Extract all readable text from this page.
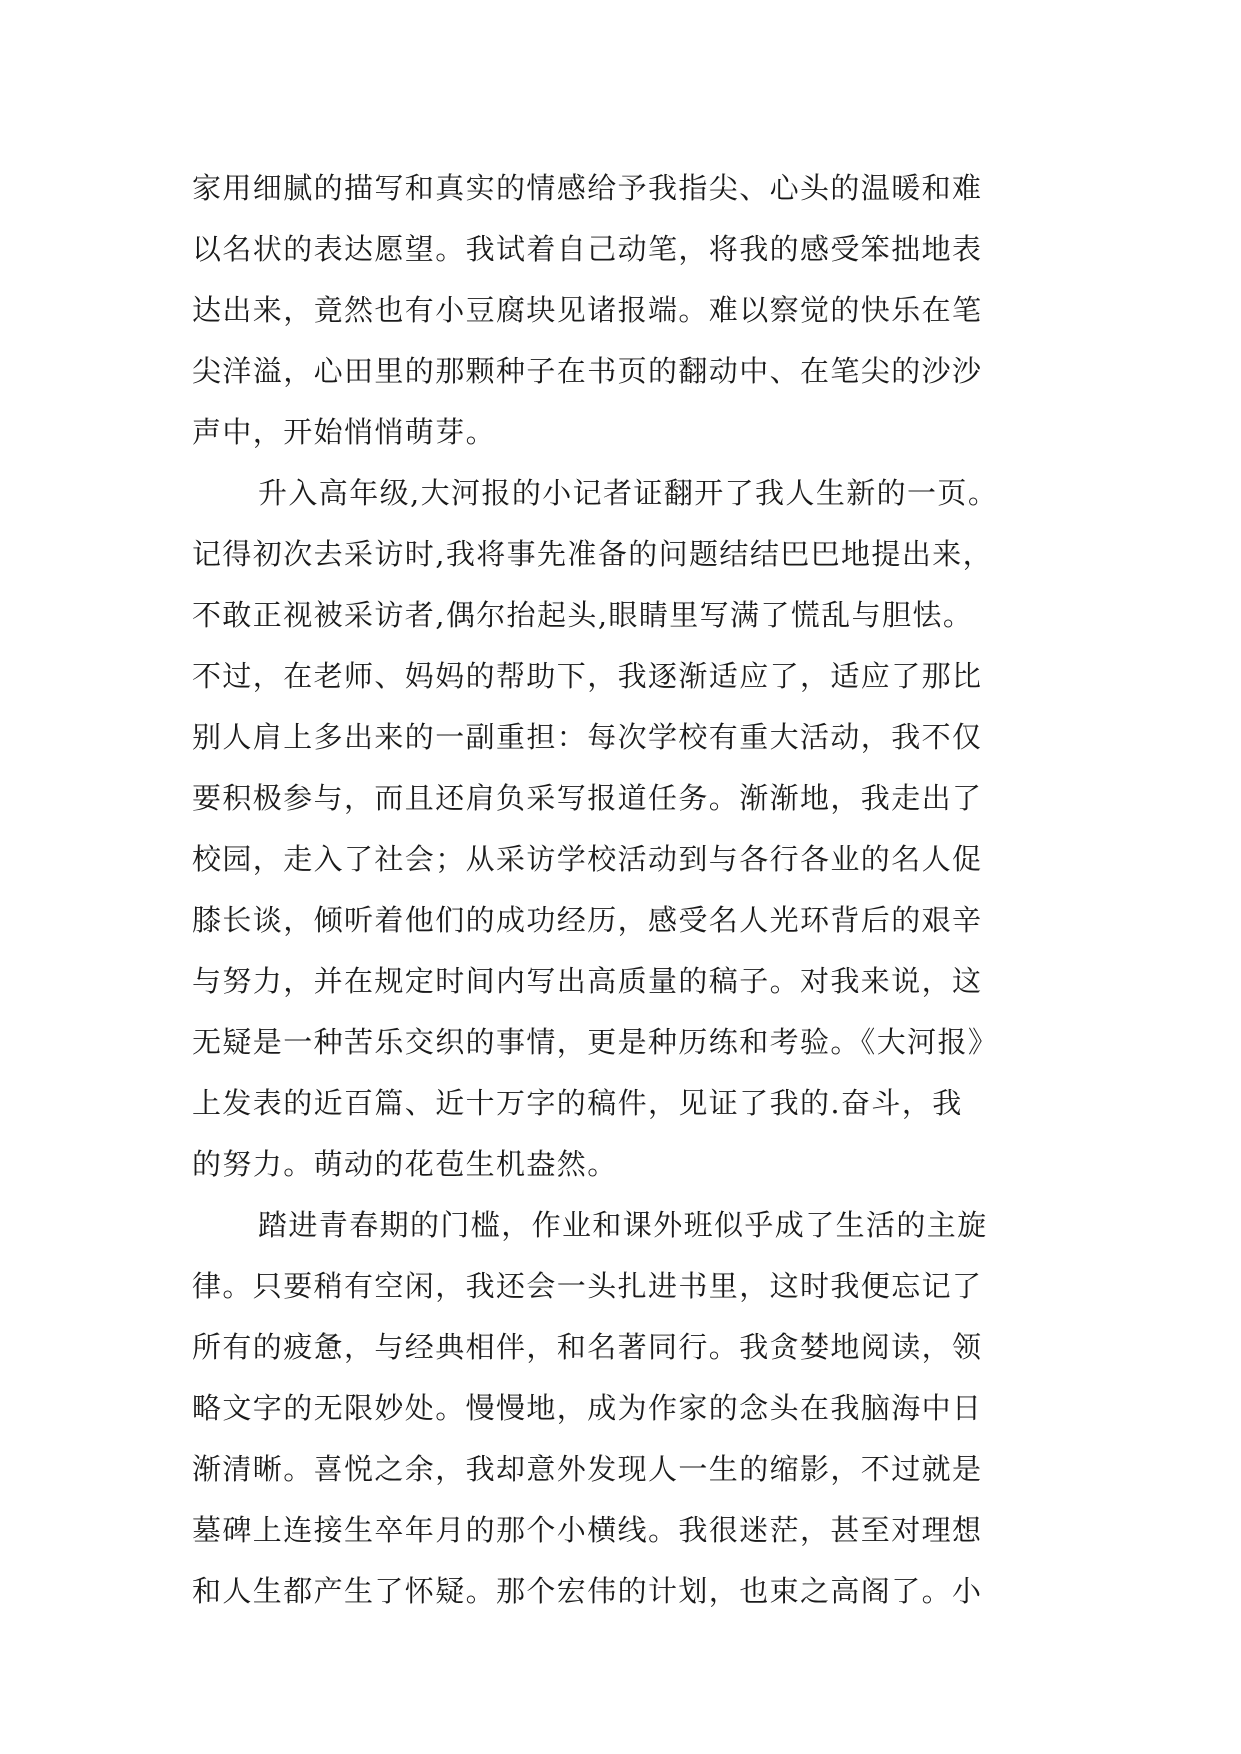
家用细腻的描写和真实的情感给予我指尖、心头的温暖和难
以名状的表达愿望。我试着自己动笔，将我的感受笨拙地表
达出来，竟然也有小豆腐块见诸报端。难以察觉的快乐在笔
尖洋溢，心田里的那颗种子在书页的翻动中、在笔尖的沙沙
声中，开始悄悄萌芽。
升入高年级,大河报的小记者证翻开了我人生新的一页。
记得初次去采访时,我将事先准备的问题结结巴巴地提出来，
不敢正视被采访者,偶尔抬起头,眼睛里写满了慌乱与胆怯。
不过，在老师、妈妈的帮助下，我逐渐适应了，适应了那比
别人肩上多出来的一副重担：每次学校有重大活动，我不仅
要积极参与，而且还肩负采写报道任务。渐渐地，我走出了
校园，走入了社会；从采访学校活动到与各行各业的名人促
膝长谈，倾听着他们的成功经历，感受名人光环背后的艰辛
与努力，并在规定时间内写出高质量的稿子。对我来说，这
无疑是一种苦乐交织的事情，更是种历练和考验。《大河报》
上发表的近百篇、近十万字的稿件，见证了我的.奋斗，我
的努力。萌动的花苞生机盎然。
踏进青春期的门槛，作业和课外班似乎成了生活的主旋
律。只要稍有空闲，我还会一头扎进书里，这时我便忘记了
所有的疲惫，与经典相伴，和名著同行。我贪婪地阅读，领
略文字的无限妙处。慢慢地，成为作家的念头在我脑海中日
渐清晰。喜悦之余，我却意外发现人一生的缩影，不过就是
墓碑上连接生卒年月的那个小横线。我很迷茫，甚至对理想
和人生都产生了怀疑。那个宏伟的计划，也束之高阁了。小
